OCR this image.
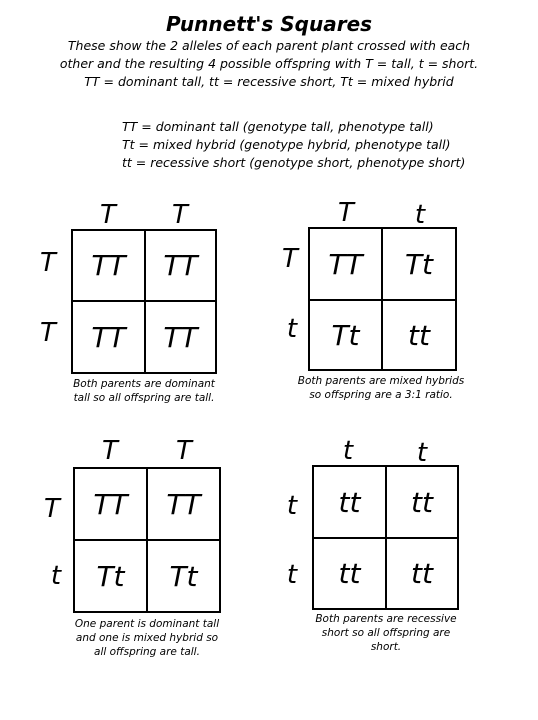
Punnett's Squares
These show the 2 alleles of each parent plant crossed with each
other and the resulting 4 possible offspring with T = tall, t = short.
TT = dominant tall, tt = recessive short, Tt = mixed hybrid
TT = dominant tall (genotype tall, phenotype tall)
Tt = mixed hybrid (genotype hybrid, phenotype tall)
tt = recessive short (genotype short, phenotype short)
T T
T
T
TT	TT
TT	TT
Both parents are dominant
tall so all offspring are tall.
T	t
T
t
TT	Tt
Tt	tt
Both parents are mixed hybrids
so offspring are a 3:1 ratio.
T T
T
t
TT	TT
Tt	Tt
One parent is dominant tall
and one is mixed hybrid so
all offspring are tall.
t	t
t
t
tt	tt
tt	tt
Both parents are recessive
short so all offspring are
short.
